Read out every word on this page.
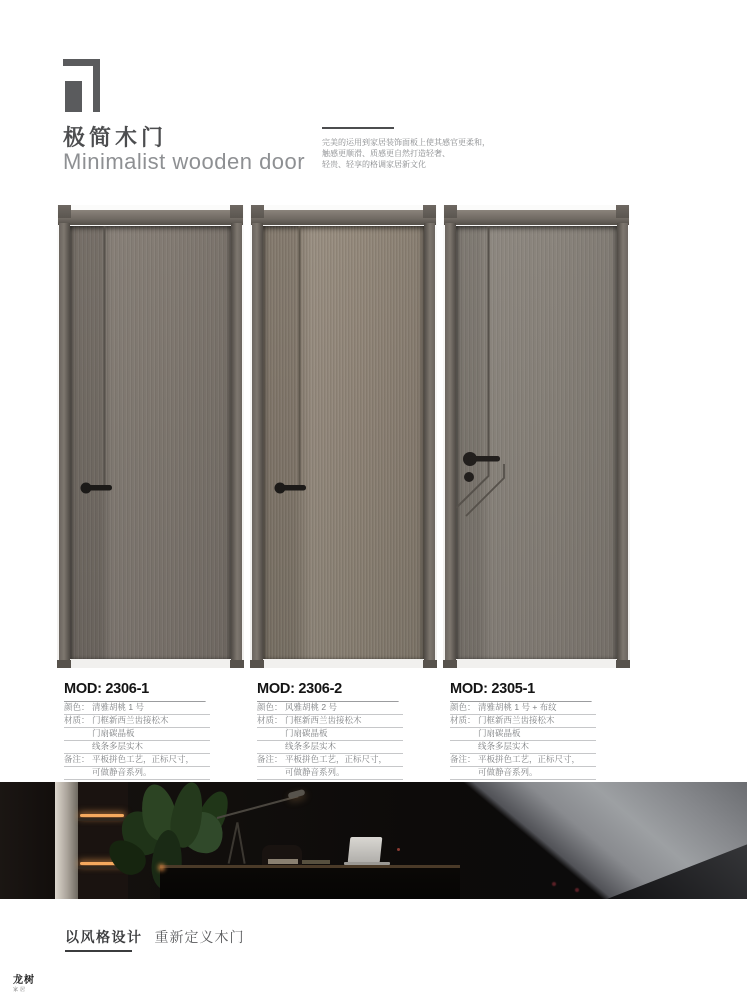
极简木门
Minimalist wooden door

完美的运用到家居装饰面板上使其感官更柔和，

触感更顺滑、质感更自然打造轻奢、

轻贵、轻享的格调家居新文化

MOD: 2306-1
颜色： 清雅胡桃 1 号
材质： 门框新西兰齿接松木
门扇碳晶板
线条多层实木
备注： 平板拼色工艺，正标尺寸，
可做静音系列。
MOD: 2306-2
颜色： 风雅胡桃 2 号
材质： 门框新西兰齿接松木
门扇碳晶板
线条多层实木
备注： 平板拼色工艺，正标尺寸，
可做静音系列。
MOD: 2305-1
颜色： 清雅胡桃 1 号 + 布纹
材质： 门框新西兰齿接松木
门扇碳晶板
线条多层实木
备注： 平板拼色工艺，正标尺寸，
可做静音系列。
以风格设计 重新定义木门
龙树
家居
